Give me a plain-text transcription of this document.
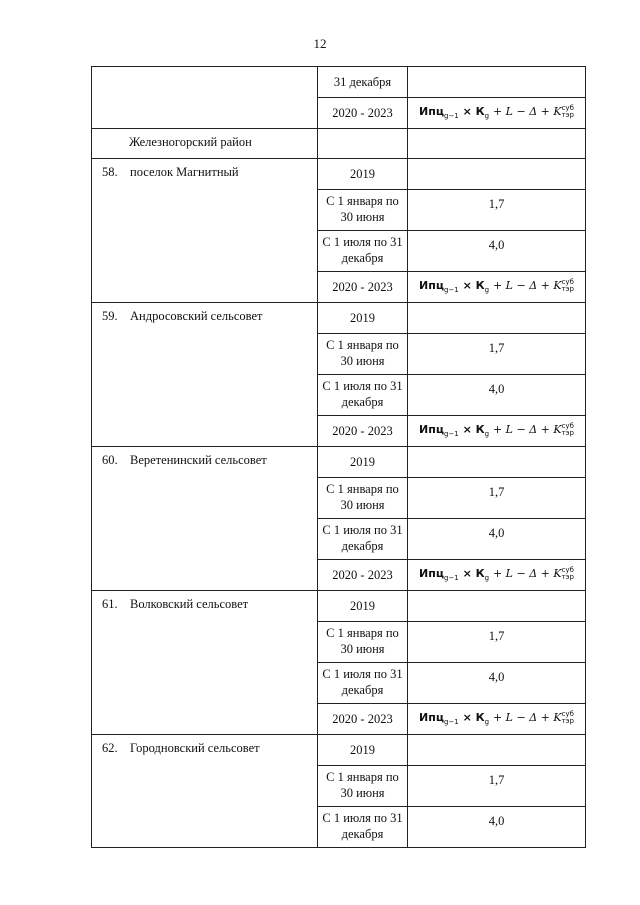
12

	31 декабря	

	2020 - 2023	$Ипц_{g-1} \times К_g + L - \Delta + K$ суб
тэр

Железногорский район		

58. поселок Магнитный	2019	

	С 1 января по 30 июня	1,7

	С 1 июля по 31 декабря	4,0

	2020 - 2023	$Ипц_{g-1} \times К_g + L - \Delta + K$ суб
тэр

59. Андросовский сельсовет	2019	

	С 1 января по 30 июня	1,7

	С 1 июля по 31 декабря	4,0

	2020 - 2023	$Ипц_{g-1} \times К_g + L - \Delta + K$ суб
тэр

60. Веретенинский сельсовет	2019	

	С 1 января по 30 июня	1,7

	С 1 июля по 31 декабря	4,0

	2020 - 2023	$Ипц_{g-1} \times К_g + L - \Delta + K$ суб
тэр

61. Волковский сельсовет	2019	

	С 1 января по 30 июня	1,7

	С 1 июля по 31 декабря	4,0

	2020 - 2023	$Ипц_{g-1} \times К_g + L - \Delta + K$ суб
тэр

62. Городновский сельсовет	2019	

	С 1 января по 30 июня	1,7

	С 1 июля по 31 декабря	4,0
